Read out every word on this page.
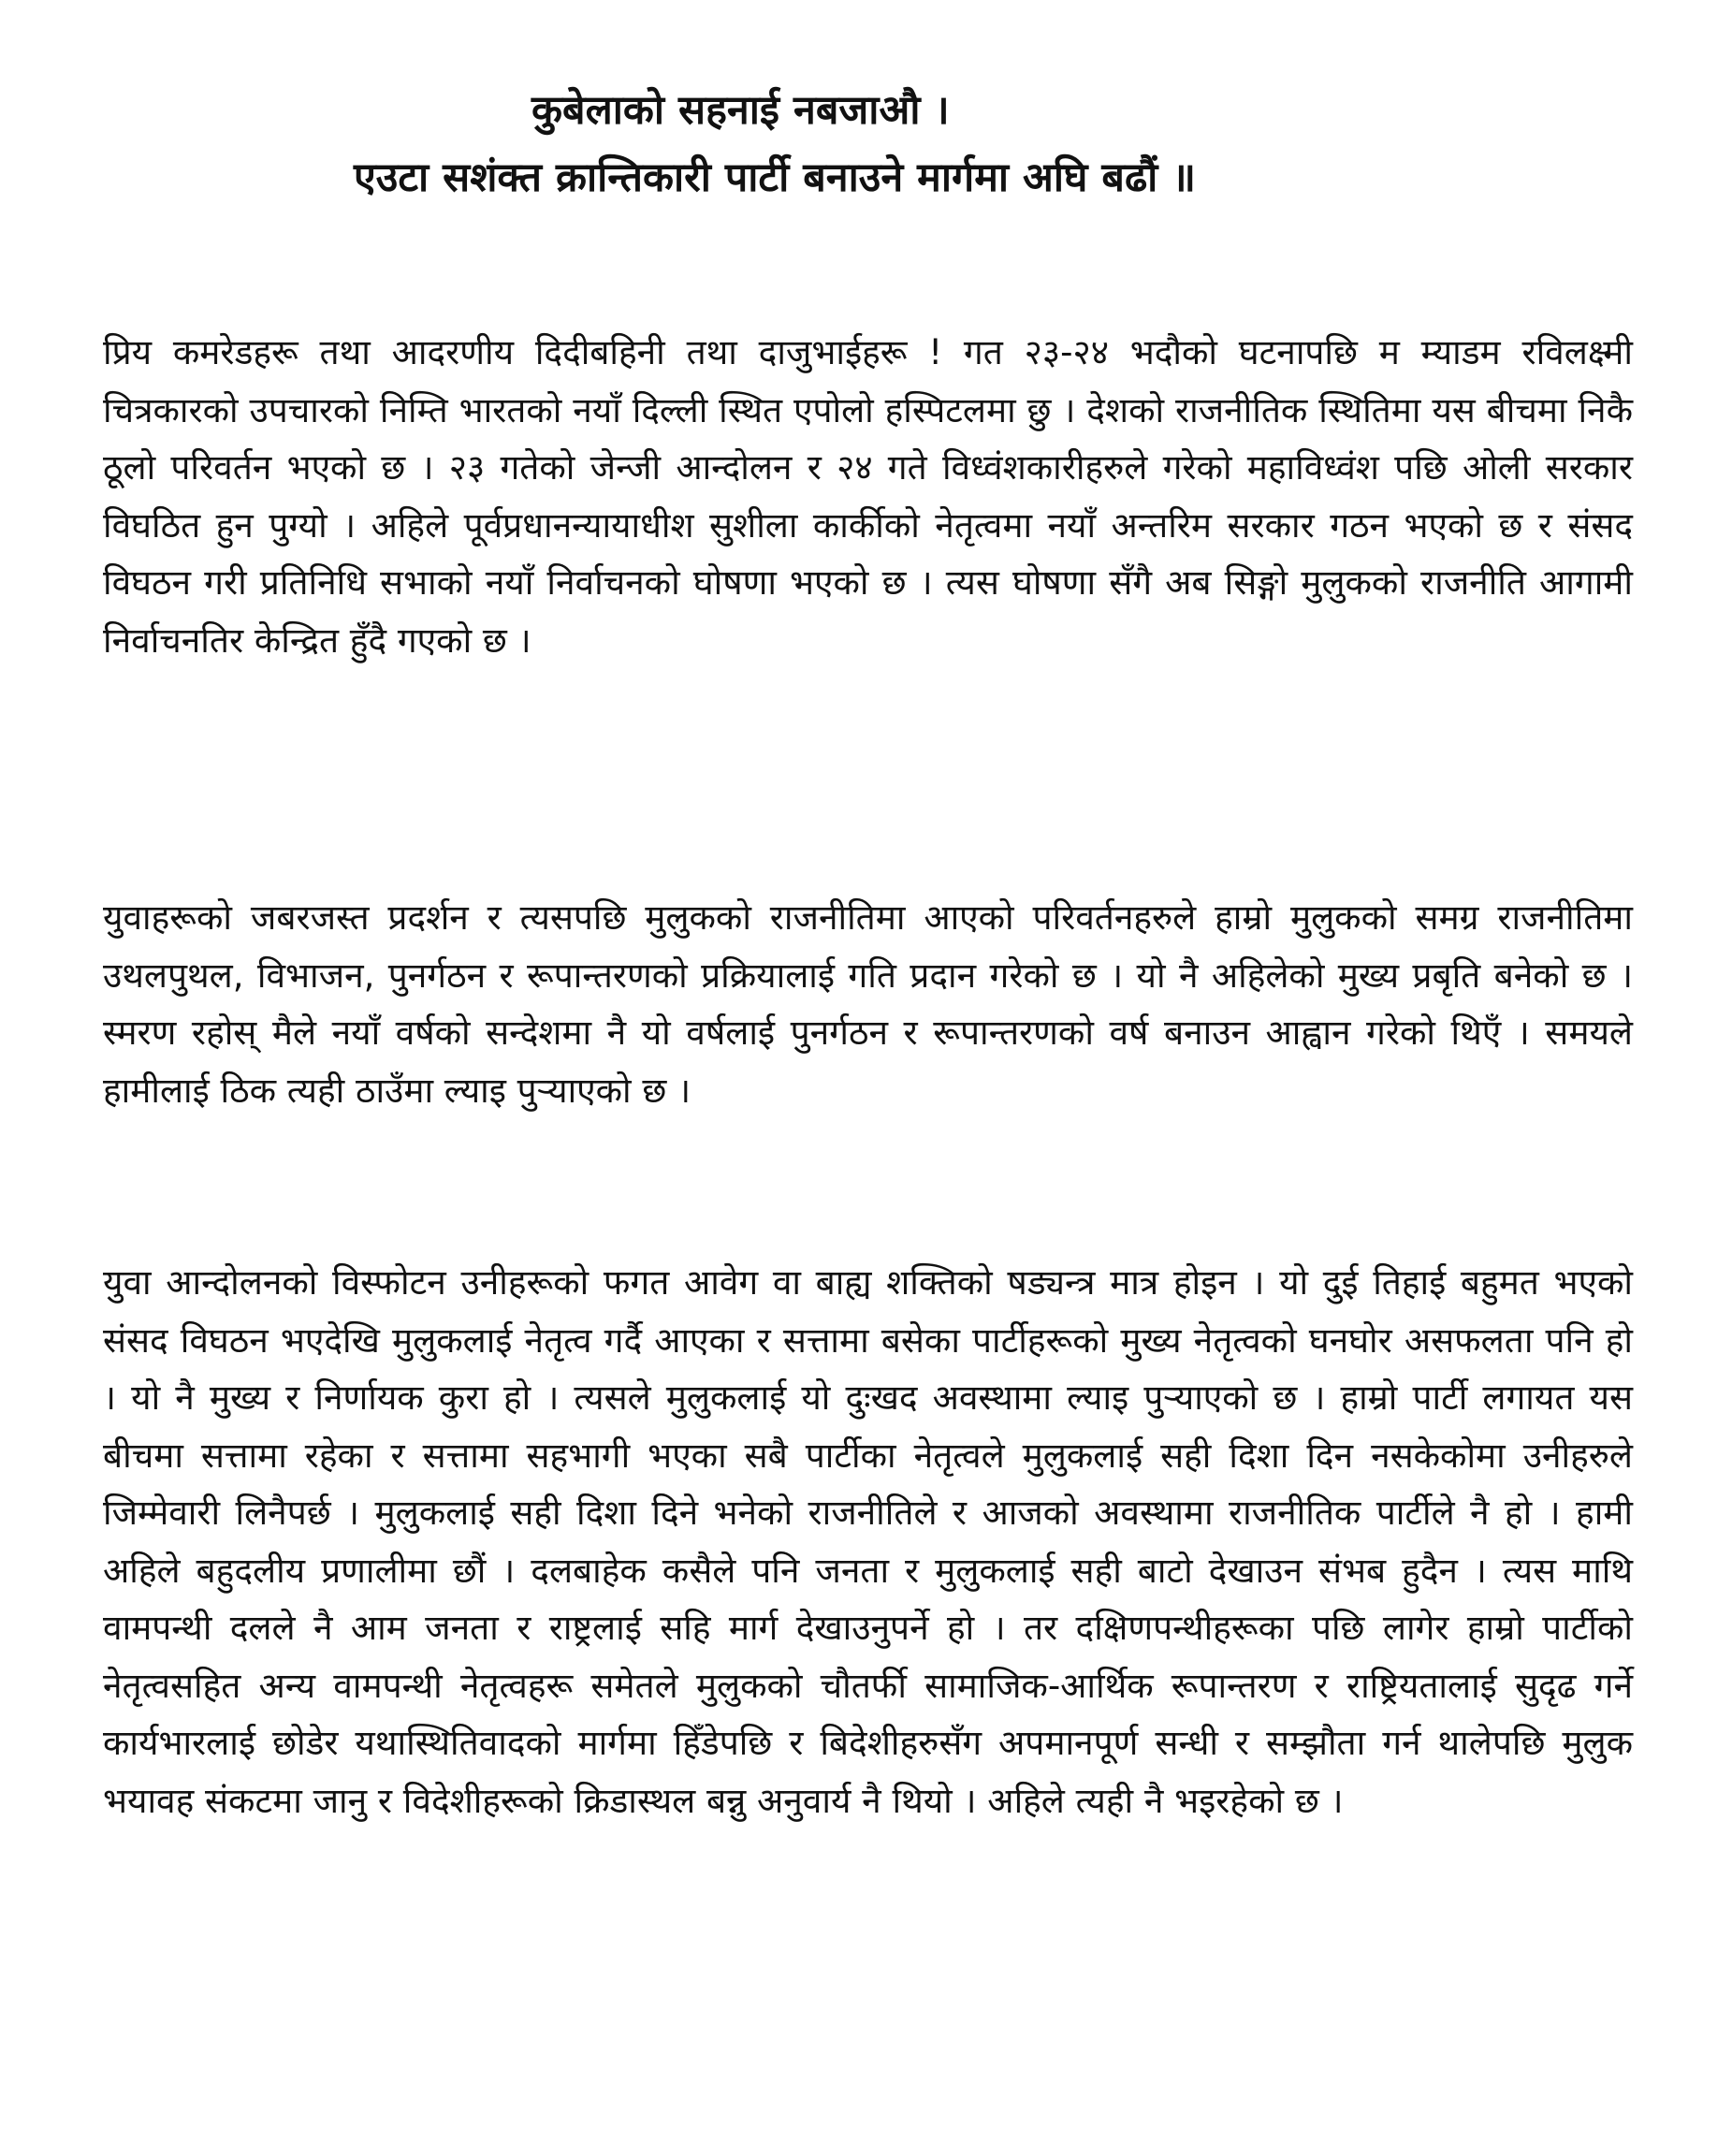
कुबेलाको सहनाई नबजाऔ ।
एउटा सशंक्त क्रान्तिकारी पार्टी बनाउने मार्गमा अघि बढौं ॥

प्रिय कमरेडहरू तथा आदरणीय दिदीबहिनी तथा दाजुभाईहरू ! गत २३-२४ भदौको घटनापछि म म्याडम रविलक्ष्मी चित्रकारको उपचारको निम्ति भारतको नयाँ दिल्ली स्थित एपोलो हस्पिटलमा छु । देशको राजनीतिक स्थितिमा यस बीचमा निकै ठूलो परिवर्तन भएको छ । २३ गतेको जेन्जी आन्दोलन र २४ गते विध्वंशकारीहरुले गरेको महाविध्वंश पछि ओली सरकार विघठित हुन पुग्यो । अहिले पूर्वप्रधानन्यायाधीश सुशीला कार्कीको नेतृत्वमा नयाँ अन्तरिम सरकार गठन भएको छ र संसद विघठन गरी प्रतिनिधि सभाको नयाँ निर्वाचनको घोषणा भएको छ । त्यस घोषणा सँगै अब सिङ्गो मुलुकको राजनीति आगामी निर्वाचनतिर केन्द्रित हुँदै गएको छ ।

युवाहरूको जबरजस्त प्रदर्शन र त्यसपछि मुलुकको राजनीतिमा आएको परिवर्तनहरुले हाम्रो मुलुकको समग्र राजनीतिमा उथलपुथल, विभाजन, पुनर्गठन र रूपान्तरणको प्रक्रियालाई गति प्रदान गरेको छ । यो नै अहिलेको मुख्य प्रबृति बनेको छ । स्मरण रहोस् मैले नयाँ वर्षको सन्देशमा नै यो वर्षलाई पुनर्गठन र रूपान्तरणको वर्ष बनाउन आह्वान गरेको थिएँ । समयले हामीलाई ठिक त्यही ठाउँमा ल्याइ पुऱ्याएको छ ।

युवा आन्दोलनको विस्फोटन उनीहरूको फगत आवेग वा बाह्य शक्तिको षड्यन्त्र मात्र होइन । यो दुई तिहाई बहुमत भएको संसद विघठन भएदेखि मुलुकलाई नेतृत्व गर्दै आएका र सत्तामा बसेका पार्टीहरूको मुख्य नेतृत्वको घनघोर असफलता पनि हो । यो नै मुख्य र निर्णायक कुरा हो । त्यसले मुलुकलाई यो दुःखद अवस्थामा ल्याइ पुऱ्याएको छ । हाम्रो पार्टी लगायत यस बीचमा सत्तामा रहेका र सत्तामा सहभागी भएका सबै पार्टीका नेतृत्वले मुलुकलाई सही दिशा दिन नसकेकोमा उनीहरुले जिम्मेवारी लिनैपर्छ । मुलुकलाई सही दिशा दिने भनेको राजनीतिले र आजको अवस्थामा राजनीतिक पार्टीले नै हो । हामी अहिले बहुदलीय प्रणालीमा छौं । दलबाहेक कसैले पनि जनता र मुलुकलाई सही बाटो देखाउन संभब हुदैन । त्यस माथि वामपन्थी दलले नै आम जनता र राष्ट्रलाई सहि मार्ग देखाउनुपर्ने हो । तर दक्षिणपन्थीहरूका पछि लागेर हाम्रो पार्टीको नेतृत्वसहित अन्य वामपन्थी नेतृत्वहरू समेतले मुलुकको चौतर्फी सामाजिक-आर्थिक रूपान्तरण र राष्ट्रियतालाई सुदृढ गर्ने कार्यभारलाई छोडेर यथास्थितिवादको मार्गमा हिँडेपछि र बिदेशीहरुसँग अपमानपूर्ण सन्धी र सम्झौता गर्न थालेपछि मुलुक भयावह संकटमा जानु र विदेशीहरूको क्रिडास्थल बन्नु अनुवार्य नै थियो । अहिले त्यही नै भइरहेको छ ।
